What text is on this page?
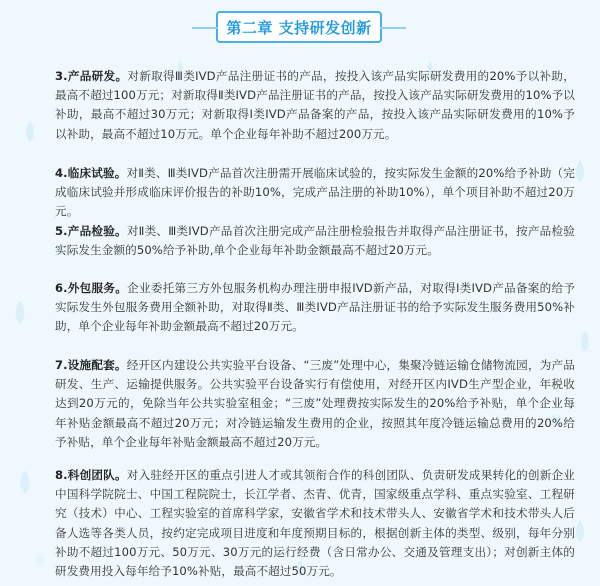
第二章 支持研发创新
3.产品研发。对新取得Ⅲ类IVD产品注册证书的产品，按投入该产品实际研发费用的20%予以补助，最高不超过100万元；对新取得Ⅱ类IVD产品注册证书的产品，按投入该产品实际研发费用的10%予以补助，最高不超过30万元；对新取得Ⅰ类IVD产品备案的产品，按投入该产品实际研发费用的10%予以补助，最高不超过10万元。单个企业每年补助不超过200万元。
4.临床试验。对Ⅱ类、Ⅲ类IVD产品首次注册需开展临床试验的，按实际发生金额的20%给予补助（完成临床试验并形成临床评价报告的补助10%，完成产品注册的补助10%），单个项目补助不超过20万元。
5.产品检验。对Ⅱ类、Ⅲ类IVD产品首次注册完成产品注册检验报告并取得产品注册证书，按产品检验实际发生金额的50%给予补助,单个企业每年补助金额最高不超过20万元。
6.外包服务。企业委托第三方外包服务机构办理注册申报IVD新产品，对取得Ⅰ类IVD产品备案的给予实际发生外包服务费用全额补助，对取得Ⅱ类、Ⅲ类IVD产品注册证书的给予实际发生服务费用50%补助，单个企业每年补助金额最高不超过20万元。
7.设施配套。经开区内建设公共实验平台设备、“三废”处理中心，集聚冷链运输仓储物流园，为产品研发、生产、运输提供服务。公共实验平台设备实行有偿使用，对经开区内IVD生产型企业，年税收达到20万元的，免除当年公共实验室租金；“三废”处理费按实际发生的20%给予补贴，单个企业每年补贴金额最高不超过20万元；对冷链运输发生费用的企业，按照其年度冷链运输总费用的20%给予补贴，单个企业每年补贴金额最高不超过20万元。
8.科创团队。对入驻经开区的重点引进人才或其领衔合作的科创团队、负责研发成果转化的创新企业中国科学院院士、中国工程院院士，长江学者、杰青、优青，国家级重点学科、重点实验室、工程研究（技术）中心、工程实验室的首席科学家，安徽省学术和技术带头人、安徽省学术和技术带头人后备人选等各类人员，按约定完成项目进度和年度预期目标的，根据创新主体的类型、级别，每年分别补助不超过100万元、50万元、30万元的运行经费（含日常办公、交通及管理支出）；对创新主体的研发费用投入每年给予10%补贴，最高不超过50万元。
